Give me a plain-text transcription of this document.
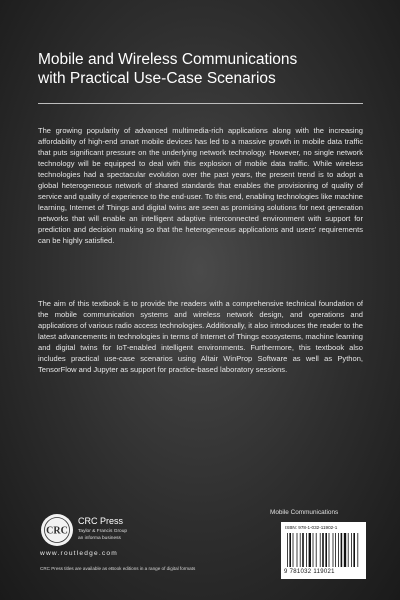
Mobile and Wireless Communications
with Practical Use-Case Scenarios

The growing popularity of advanced multimedia-rich applications along with the increasing affordability of high-end smart mobile devices has led to a massive growth in mobile data traffic that puts significant pressure on the underlying network technology. However, no single network technology will be equipped to deal with this explosion of mobile data traffic. While wireless technologies had a spectacular evolution over the past years, the present trend is to adopt a global heterogeneous network of shared standards that enables the provisioning of quality of service and quality of experience to the end-user. To this end, enabling technologies like machine learning, Internet of Things and digital twins are seen as promising solutions for next generation networks that will enable an intelligent adaptive interconnected environment with support for prediction and decision making so that the heterogeneous applications and users' requirements can be highly satisfied.

The aim of this textbook is to provide the readers with a comprehensive technical foundation of the mobile communication systems and wireless network design, and operations and applications of various radio access technologies. Additionally, it also introduces the reader to the latest advancements in technologies in terms of Internet of Things ecosystems, machine learning and digital twins for IoT-enabled intelligent environments. Furthermore, this textbook also includes practical use-case scenarios using Altair WinProp Software as well as Python, TensorFlow and Jupyter as support for practice-based laboratory sessions.

Mobile Communications
CRC
CRC Press
Taylor & Francis Group
an informa business
www.routledge.com
CRC Press titles are available as eBook editions in a range of digital formats
ISBN: 978-1-032-11902-1
9 781032 119021
